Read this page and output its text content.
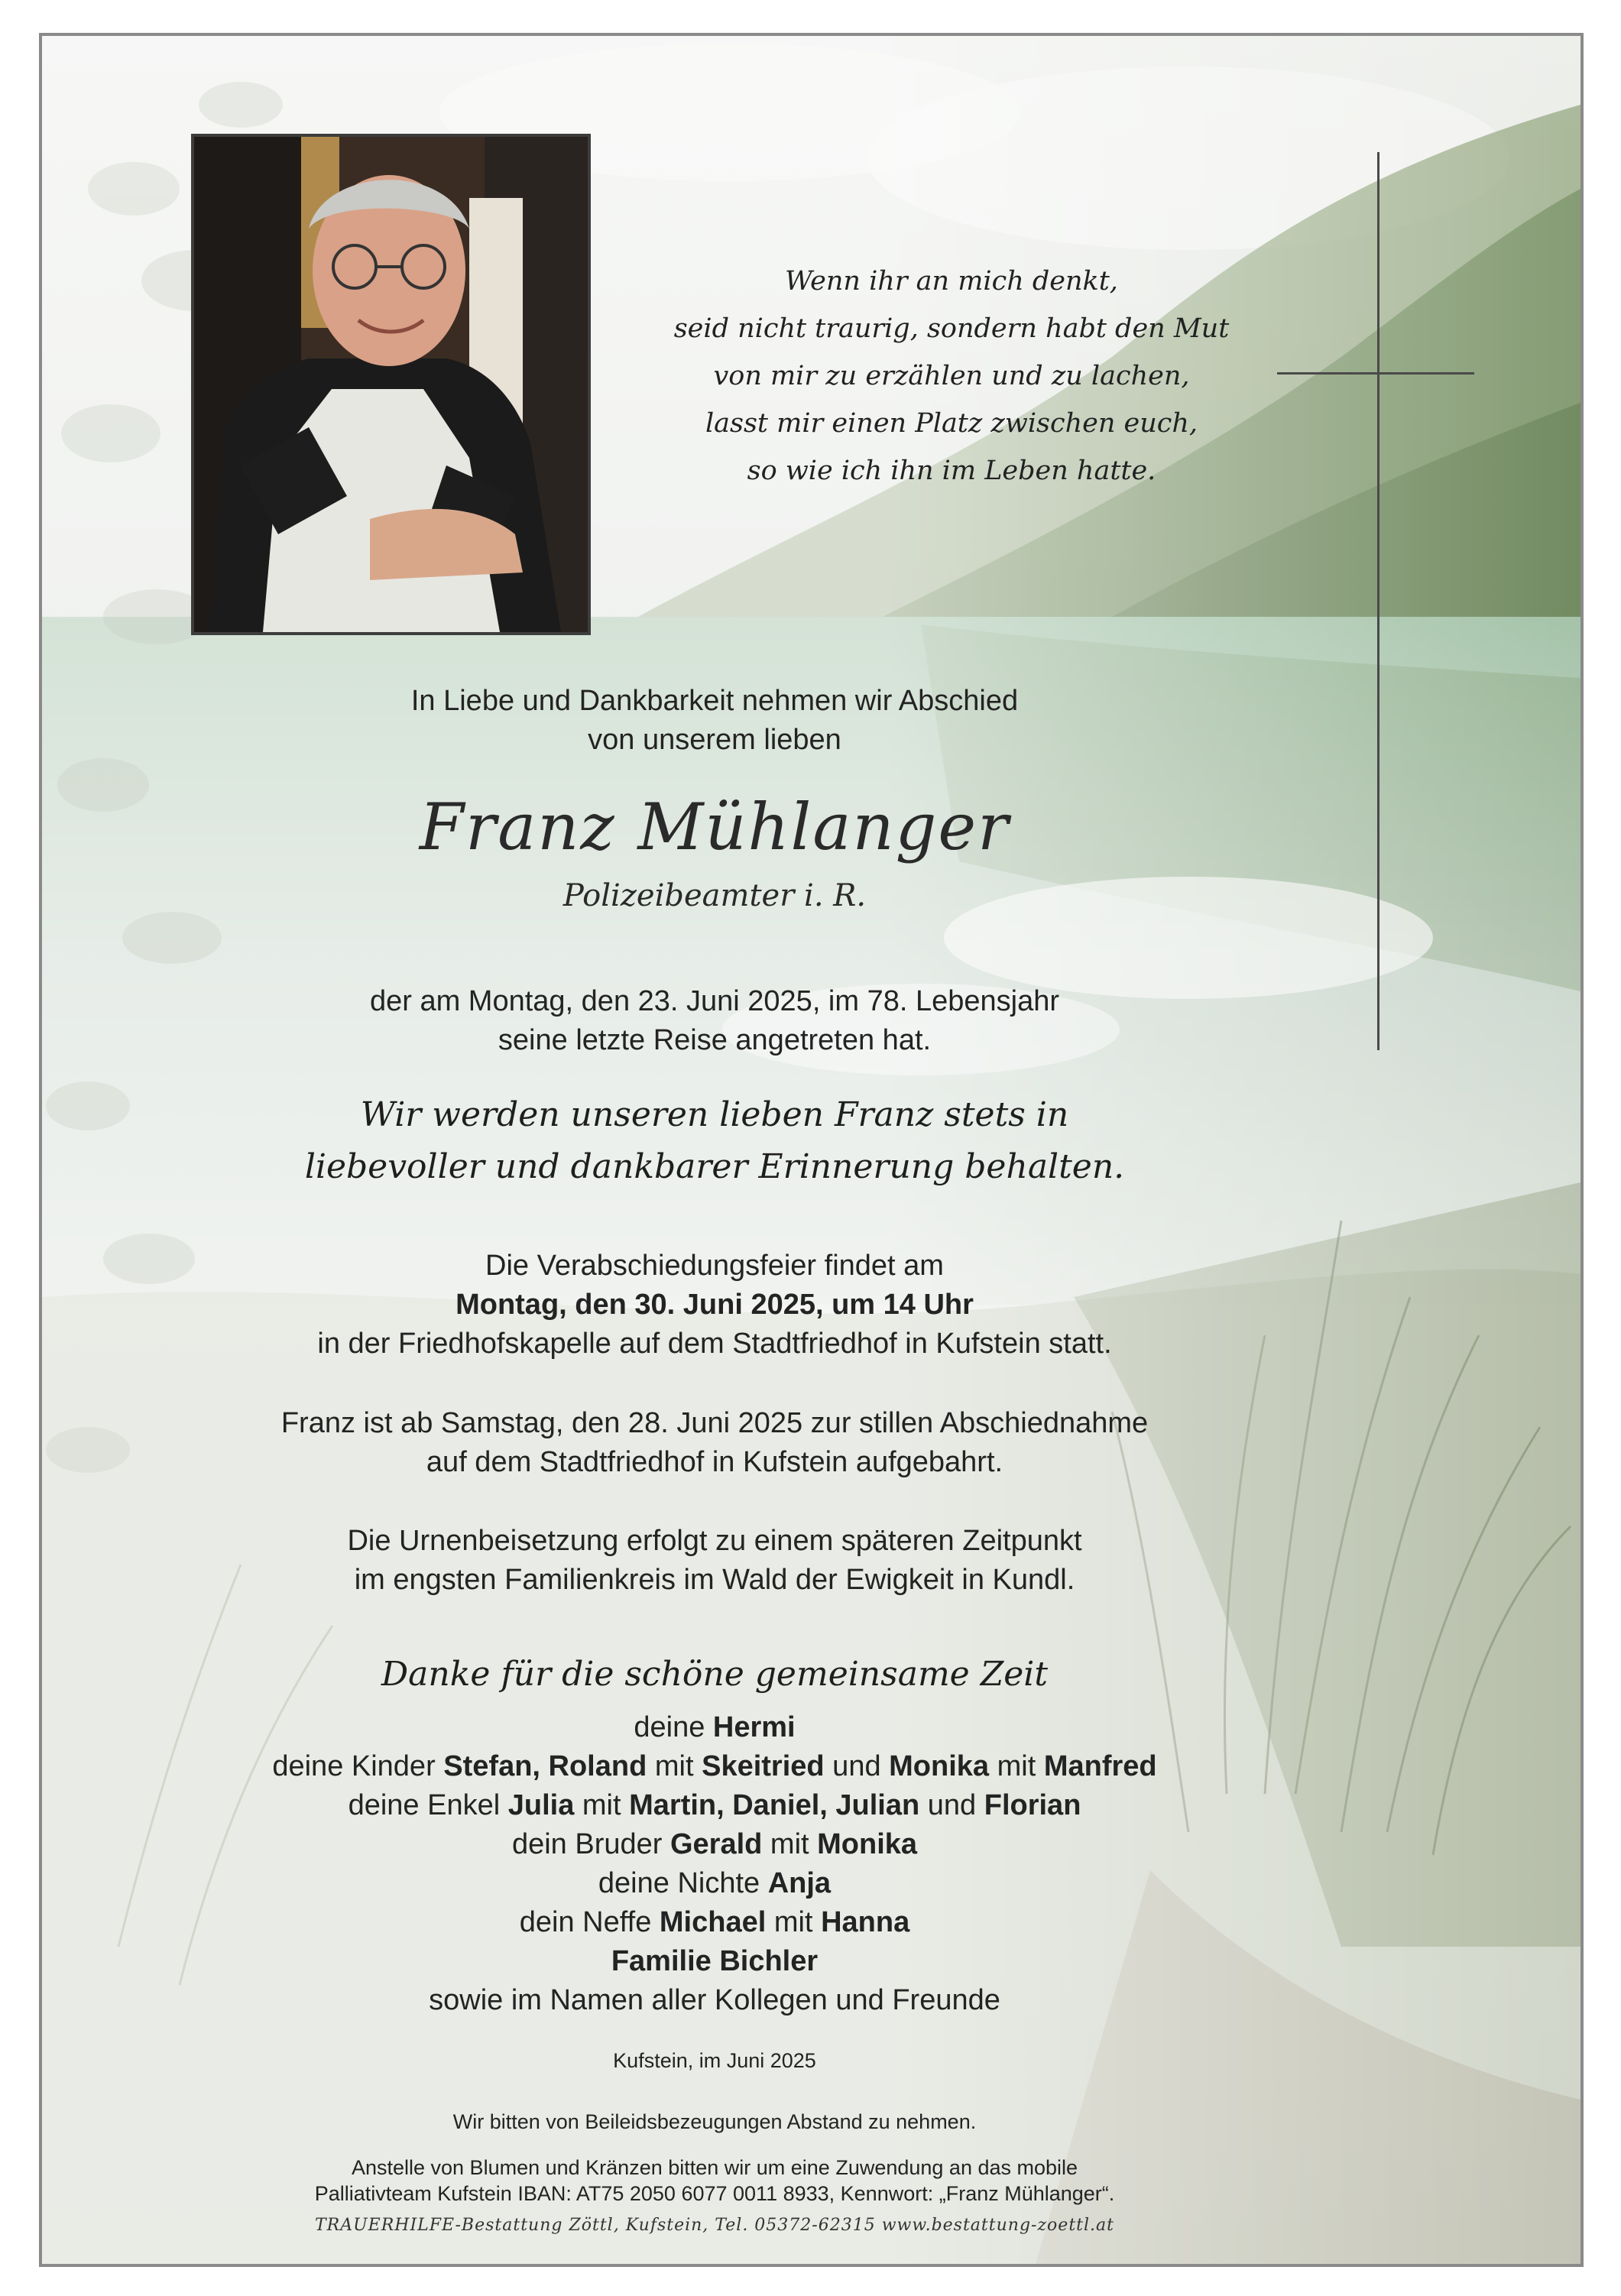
Wenn ihr an mich denkt,
seid nicht traurig, sondern habt den Mut
von mir zu erzählen und zu lachen,
lasst mir einen Platz zwischen euch,
so wie ich ihn im Leben hatte.
In Liebe und Dankbarkeit nehmen wir Abschied
von unserem lieben
Franz Mühlanger
Polizeibeamter i. R.
der am Montag, den 23. Juni 2025, im 78. Lebensjahr
seine letzte Reise angetreten hat.
Wir werden unseren lieben Franz stets in
liebevoller und dankbarer Erinnerung behalten.
Die Verabschiedungsfeier findet am
Montag, den 30. Juni 2025, um 14 Uhr
in der Friedhofskapelle auf dem Stadtfriedhof in Kufstein statt.
Franz ist ab Samstag, den 28. Juni 2025 zur stillen Abschiednahme
auf dem Stadtfriedhof in Kufstein aufgebahrt.
Die Urnenbeisetzung erfolgt zu einem späteren Zeitpunkt
im engsten Familienkreis im Wald der Ewigkeit in Kundl.
Danke für die schöne gemeinsame Zeit
deine Hermi
deine Kinder Stefan, Roland mit Skeitried und Monika mit Manfred
deine Enkel Julia mit Martin, Daniel, Julian und Florian
dein Bruder Gerald mit Monika
deine Nichte Anja
dein Neffe Michael mit Hanna
Familie Bichler
sowie im Namen aller Kollegen und Freunde
Kufstein, im Juni 2025
Wir bitten von Beileidsbezeugungen Abstand zu nehmen.
Anstelle von Blumen und Kränzen bitten wir um eine Zuwendung an das mobile
Palliativteam Kufstein IBAN: AT75 2050 6077 0011 8933, Kennwort: „Franz Mühlanger“.
TRAUERHILFE-Bestattung Zöttl, Kufstein, Tel. 05372-62315 www.bestattung-zoettl.at
